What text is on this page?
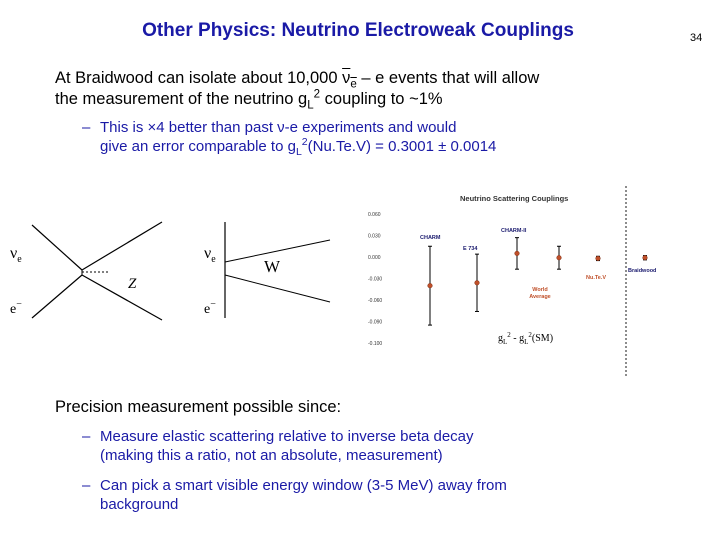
Other Physics: Neutrino Electroweak Couplings	34
At Braidwood can isolate about 10,000 $\nu_e$ – e events that will allow
the measurement of the neutrino $g_L^2$ coupling to ~1%
– This is ×4 better than past ν-e experiments and would
give an error comparable to $g_L^2(Nu.Te.V) = 0.3001 \pm 0.0014$
$\nu_e$
e−
Z
$\nu_e$
e−
W
Neutrino Scattering Couplings
0.060
0.030
0.000
-0.030
-0.060
-0.090
-0.100
CHARM
CHARM-II
E 734
Nu.Te.V
World Average
Braidwood
$g_L^2 - g_L^2(SM)$
Precision measurement possible since:
– Measure elastic scattering relative to inverse beta decay
(making this a ratio, not an absolute, measurement)
– Can pick a smart visible energy window (3-5 MeV) away from
background
